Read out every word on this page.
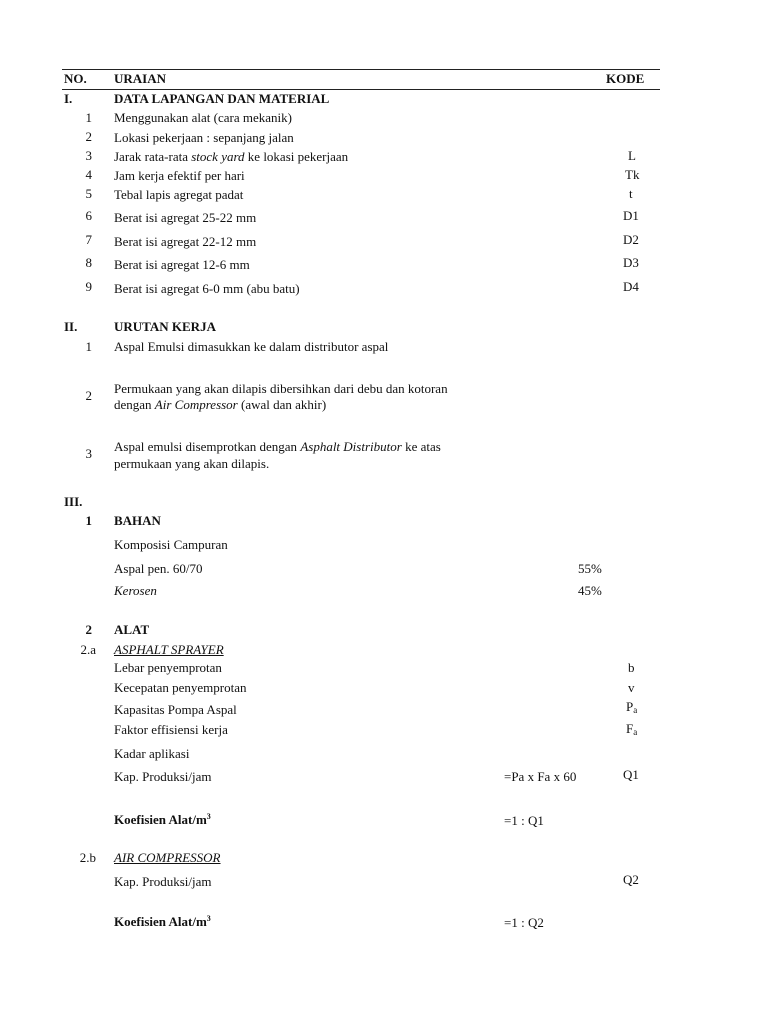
NO. URAIAN	KODE
I.	DATA LAPANGAN DAN MATERIAL
1 Menggunakan alat (cara mekanik)
2 Lokasi pekerjaan : sepanjang jalan
3 Jarak rata-rata stock yard ke lokasi pekerjaan	L
4 Jam kerja efektif per hari	Tk
5 Tebal lapis agregat padat	t
6 Berat isi agregat 25-22 mm	D1
7 Berat isi agregat 22-12 mm	D2
8 Berat isi agregat 12-6 mm	D3
9 Berat isi agregat 6-0 mm (abu batu)	D4
II.	URUTAN KERJA
1 Aspal Emulsi dimasukkan ke dalam distributor aspal
2 Permukaan yang akan dilapis dibersihkan dari debu dan kotoran
dengan Air Compressor (awal dan akhir)
3 Aspal emulsi disemprotkan dengan Asphalt Distributor ke atas
permukaan yang akan dilapis.
III.
1 BAHAN
Komposisi Campuran
Aspal pen. 60/70	55%
Kerosen	45%
2 ALAT
2.a ASPHALT SPRAYER
Lebar penyemprotan	b
Kecepatan penyemprotan	v
Kapasitas Pompa Aspal	$P_a$
Faktor effisiensi kerja	$F_a$
Kadar aplikasi
Kap. Produksi/jam	=Pa x Fa x 60	Q1
Koefisien Alat/$m^3$	=1 : Q1
2.b AIR COMPRESSOR
Kap. Produksi/jam	Q2
Koefisien Alat/$m^3$	=1 : Q2
